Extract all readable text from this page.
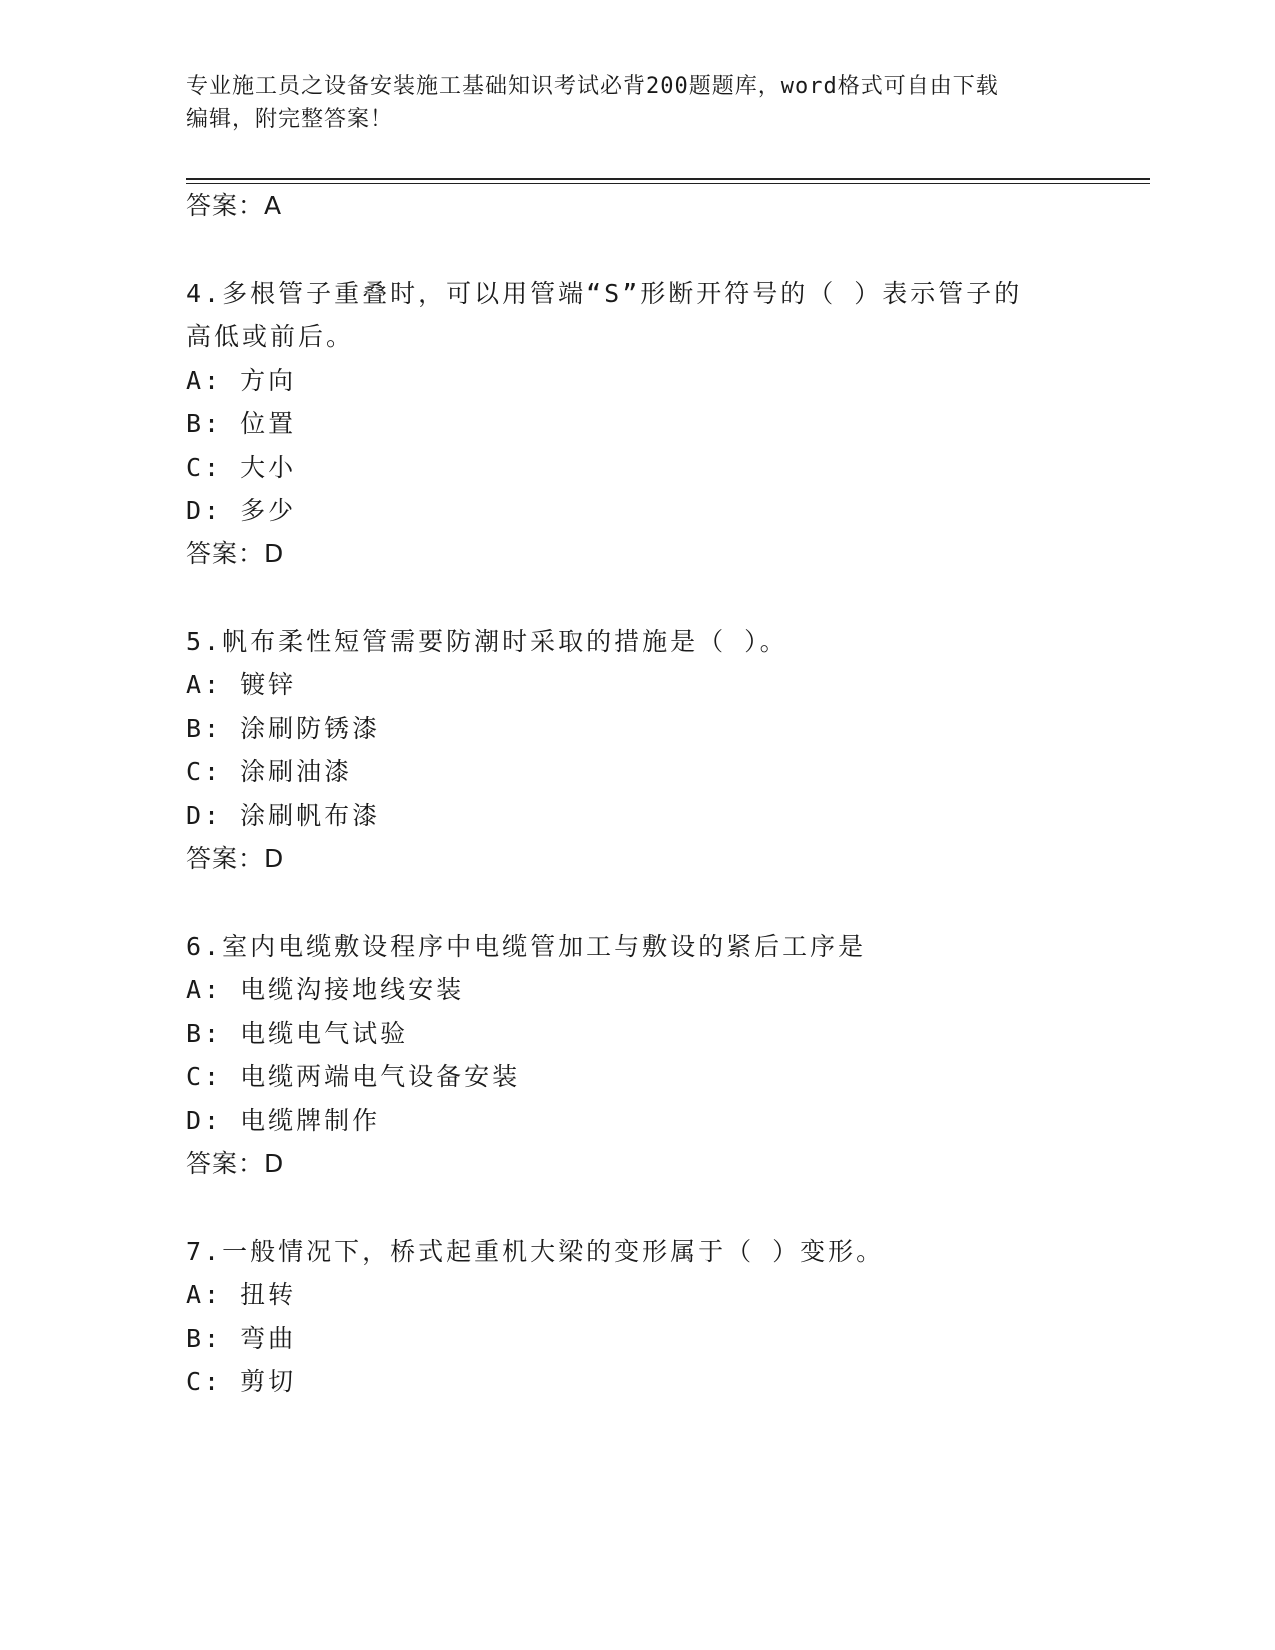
专业施工员之设备安装施工基础知识考试必背200题题库，word格式可自由下载
编辑，附完整答案！
答案：A
4.多根管子重叠时，可以用管端“S”形断开符号的（ ）表示管子的
高低或前后。
A: 方向
B: 位置
C: 大小
D: 多少
答案：D
5.帆布柔性短管需要防潮时采取的措施是（ ）。
A: 镀锌
B: 涂刷防锈漆
C: 涂刷油漆
D: 涂刷帆布漆
答案：D
6.室内电缆敷设程序中电缆管加工与敷设的紧后工序是
A: 电缆沟接地线安装
B: 电缆电气试验
C: 电缆两端电气设备安装
D: 电缆牌制作
答案：D
7.一般情况下，桥式起重机大梁的变形属于（ ）变形。
A: 扭转
B: 弯曲
C: 剪切
